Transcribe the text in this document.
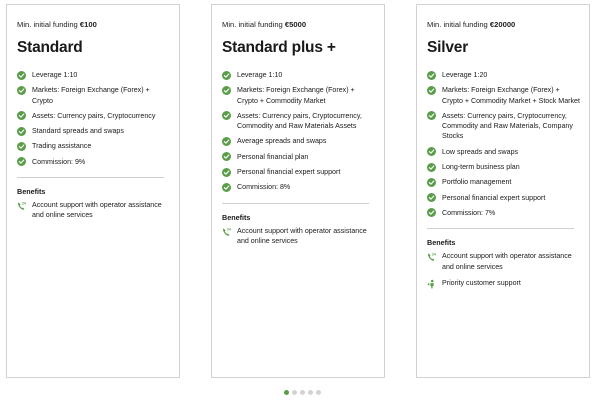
Min. initial funding €100
Standard
Leverage 1:10
Markets: Foreign Exchange (Forex) + Crypto
Assets: Currency pairs, Cryptocurrency
Standard spreads and swaps
Trading assistance
Commission: 9%
Benefits
24 Account support with operator assistance and online services
Min. initial funding €5000
Standard plus +
Leverage 1:10
Markets: Foreign Exchange (Forex) + Crypto + Commodity Market
Assets: Currency pairs, Cryptocurrency, Commodity and Raw Materials Assets
Average spreads and swaps
Personal financial plan
Personal financial expert support
Commission: 8%
Benefits
24 Account support with operator assistance and online services
Min. initial funding €20000
Silver
Leverage 1:20
Markets: Foreign Exchange (Forex) + Crypto + Commodity Market + Stock Market
Assets: Currency pairs, Cryptocurrency, Commodity and Raw Materials, Company Stocks
Low spreads and swaps
Long-term business plan
Portfolio management
Personal financial expert support
Commission: 7%
Benefits
24 Account support with operator assistance and online services
Priority customer support
